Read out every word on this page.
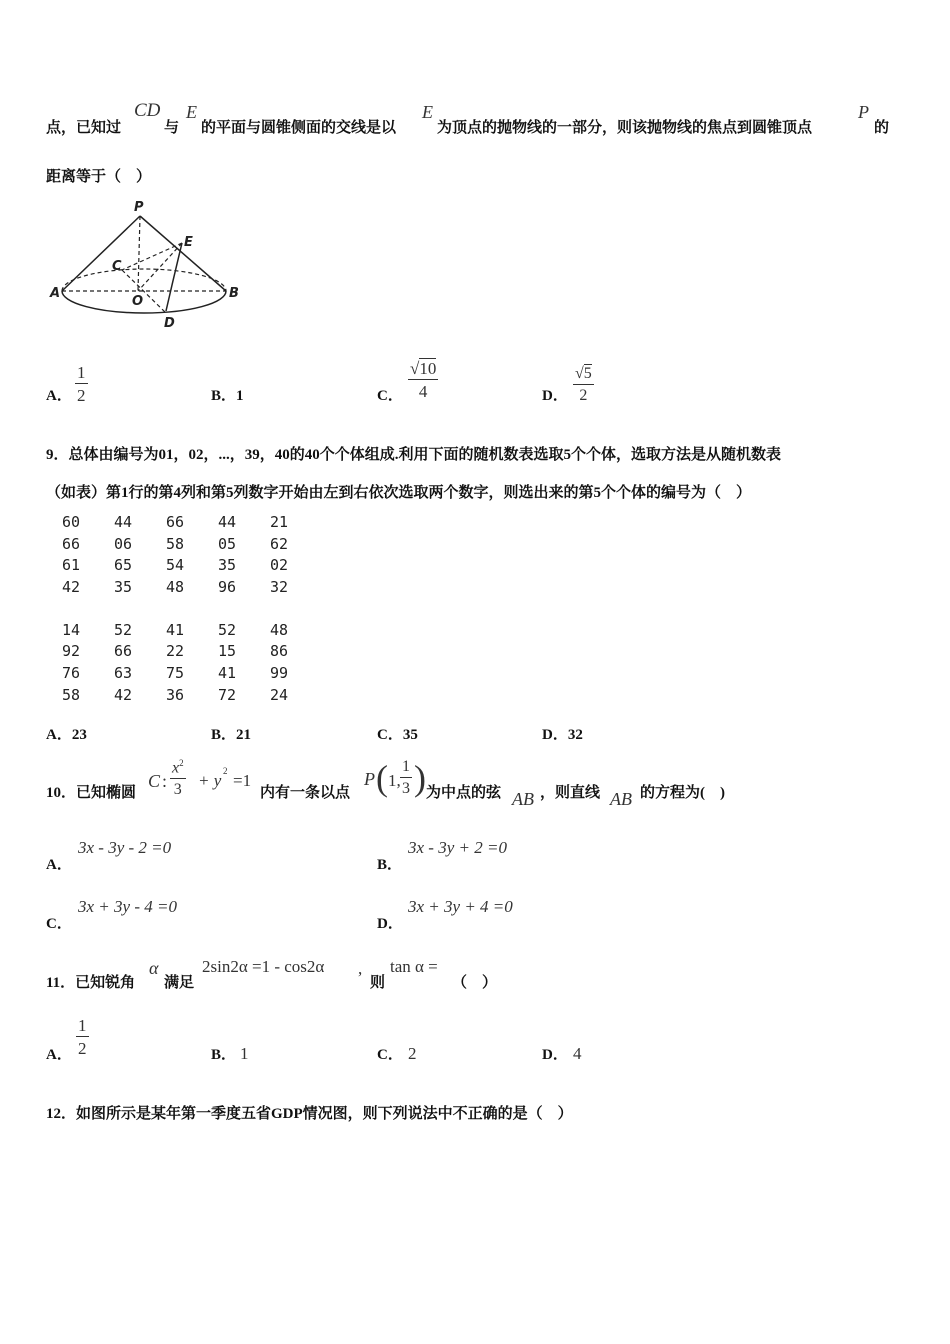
点，已知过
CD
与
E
的平面与圆锥侧面的交线是以
E
为顶点的抛物线的一部分，则该抛物线的焦点到圆锥顶点
P
的
距离等于（　）
P
E
C
A
O
B
D
A． $\frac{1}{2}$	B．1	C． $\frac{√10}{4}$	D． $\frac{√5}{2}$
9．总体由编号为01，02，...，39，40的40个个体组成.利用下面的随机数表选取5个个体，选取方法是从随机数表
（如表）第1行的第4列和第5列数字开始由左到右依次选取两个数字，则选出来的第5个个体的编号为（　）
60	44	66	44	21
66	06	58	05	62
61	65	54	35	02
42	35	48	96	32
14	52	41	52	48
92	66	22	15	86
76	63	75	41	99
58	42	36	72	24
A．23	B．21	C．35	D．32
10．已知椭圆
C : $\frac{x^2}{3} + y$ 2 =1
内有一条以点
P ( 1, $\frac{1}{3}$ ) 为中点的弦 AB ，则直线 AB 的方程为(　)
A．
3x - 3y - 2 =0
B．
3x - 3y + 2 =0
C．
3x + 3y - 4 =0
D．
3x + 3y + 4 =0
11．已知锐角
α
满足
2sin2α =1 - cos2α ,
则
tan α =
（　）
A． $\frac{1}{2}$	B． 1	C． 2	D． 4
12．如图所示是某年第一季度五省GDP情况图，则下列说法中不正确的是（　）
